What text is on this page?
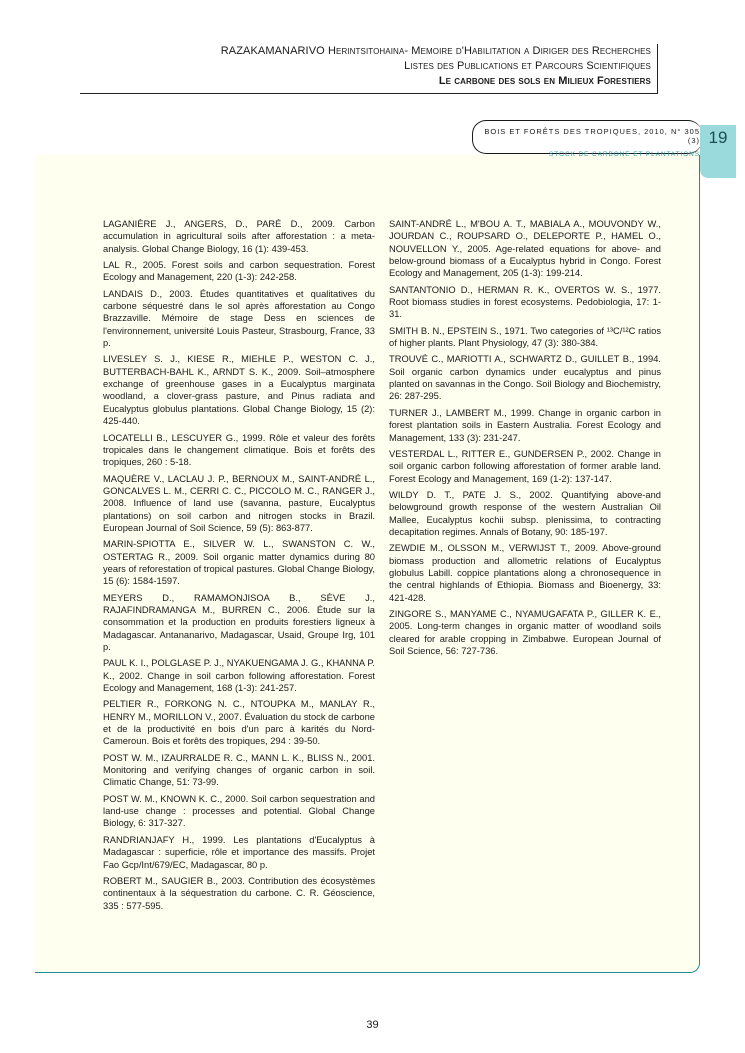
RAZAKAMANARIVO Herintsitohaina- Memoire d'Habilitation a Diriger des Recherches
Listes des Publications et Parcours Scientifiques
Le carbone des sols en Milieux Forestiers
BOIS ET FORÊTS DES TROPIQUES, 2010, N° 305 (3)
STOCK DE CARBONE ET PLANTATIONS
19

LAGANIÈRE J., ANGERS, D., PARÉ D., 2009. Carbon accumulation in agricultural soils after afforestation : a meta-analysis. Global Change Biology, 16 (1): 439-453.

LAL R., 2005. Forest soils and carbon sequestration. Forest Ecology and Management, 220 (1-3): 242-258.

LANDAIS D., 2003. Études quantitatives et qualitatives du carbone séquestré dans le sol après afforestation au Congo Brazzaville. Mémoire de stage Dess en sciences de l'environnement, université Louis Pasteur, Strasbourg, France, 33 p.

LIVESLEY S. J., KIESE R., MIEHLE P., WESTON C. J., BUTTERBACH-BAHL K., ARNDT S. K., 2009. Soil–atmosphere exchange of greenhouse gases in a Eucalyptus marginata woodland, a clover-grass pasture, and Pinus radiata and Eucalyptus globulus plantations. Global Change Biology, 15 (2): 425-440.

LOCATELLI B., LESCUYER G., 1999. Rôle et valeur des forêts tropicales dans le changement climatique. Bois et forêts des tropiques, 260 : 5-18.

MAQUÈRE V., LACLAU J. P., BERNOUX M., SAINT-ANDRÉ L., GONCALVES L. M., CERRI C. C., PICCOLO M. C., RANGER J., 2008. Influence of land use (savanna, pasture, Eucalyptus plantations) on soil carbon and nitrogen stocks in Brazil. European Journal of Soil Science, 59 (5): 863-877.

MARIN-SPIOTTA E., SILVER W. L., SWANSTON C. W., OSTERTAG R., 2009. Soil organic matter dynamics during 80 years of reforestation of tropical pastures. Global Change Biology, 15 (6): 1584-1597.

MEYERS D., RAMAMONJISOA B., SÈVE J., RAJAFINDRAMANGA M., BURREN C., 2006. Étude sur la consommation et la production en produits forestiers ligneux à Madagascar. Antananarivo, Madagascar, Usaid, Groupe Irg, 101 p.

PAUL K. I., POLGLASE P. J., NYAKUENGAMA J. G., KHANNA P. K., 2002. Change in soil carbon following afforestation. Forest Ecology and Management, 168 (1-3): 241-257.

PELTIER R., FORKONG N. C., NTOUPKA M., MANLAY R., HENRY M., MORILLON V., 2007. Évaluation du stock de carbone et de la productivité en bois d'un parc à karités du Nord-Cameroun. Bois et forêts des tropiques, 294 : 39-50.

POST W. M., IZAURRALDE R. C., MANN L. K., BLISS N., 2001. Monitoring and verifying changes of organic carbon in soil. Climatic Change, 51: 73-99.

POST W. M., KNOWN K. C., 2000. Soil carbon sequestration and land-use change : processes and potential. Global Change Biology, 6: 317-327.

RANDRIANJAFY H., 1999. Les plantations d'Eucalyptus à Madagascar : superficie, rôle et importance des massifs. Projet Fao Gcp/Int/679/EC, Madagascar, 80 p.

ROBERT M., SAUGIER B., 2003. Contribution des écosystèmes continentaux à la séquestration du carbone. C. R. Géoscience, 335 : 577-595.

SAINT-ANDRÉ L., M'BOU A. T., MABIALA A., MOUVONDY W., JOURDAN C., ROUPSARD O., DELEPORTE P., HAMEL O., NOUVELLON Y., 2005. Age-related equations for above- and below-ground biomass of a Eucalyptus hybrid in Congo. Forest Ecology and Management, 205 (1-3): 199-214.

SANTANTONIO D., HERMAN R. K., OVERTOS W. S., 1977. Root biomass studies in forest ecosystems. Pedobiologia, 17: 1-31.

SMITH B. N., EPSTEIN S., 1971. Two categories of ¹³C/¹²C ratios of higher plants. Plant Physiology, 47 (3): 380-384.

TROUVÉ C., MARIOTTI A., SCHWARTZ D., GUILLET B., 1994. Soil organic carbon dynamics under eucalyptus and pinus planted on savannas in the Congo. Soil Biology and Biochemistry, 26: 287-295.

TURNER J., LAMBERT M., 1999. Change in organic carbon in forest plantation soils in Eastern Australia. Forest Ecology and Management, 133 (3): 231-247.

VESTERDAL L., RITTER E., GUNDERSEN P., 2002. Change in soil organic carbon following afforestation of former arable land. Forest Ecology and Management, 169 (1-2): 137-147.

WILDY D. T., PATE J. S., 2002. Quantifying above-and belowground growth response of the western Australian Oil Mallee, Eucalyptus kochii subsp. plenissima, to contracting decapitation regimes. Annals of Botany, 90: 185-197.

ZEWDIE M., OLSSON M., VERWIJST T., 2009. Above-ground biomass production and allometric relations of Eucalyptus globulus Labill. coppice plantations along a chronosequence in the central highlands of Ethiopia. Biomass and Bioenergy, 33: 421-428.

ZINGORE S., MANYAME C., NYAMUGAFATA P., GILLER K. E., 2005. Long-term changes in organic matter of woodland soils cleared for arable cropping in Zimbabwe. European Journal of Soil Science, 56: 727-736.

39
